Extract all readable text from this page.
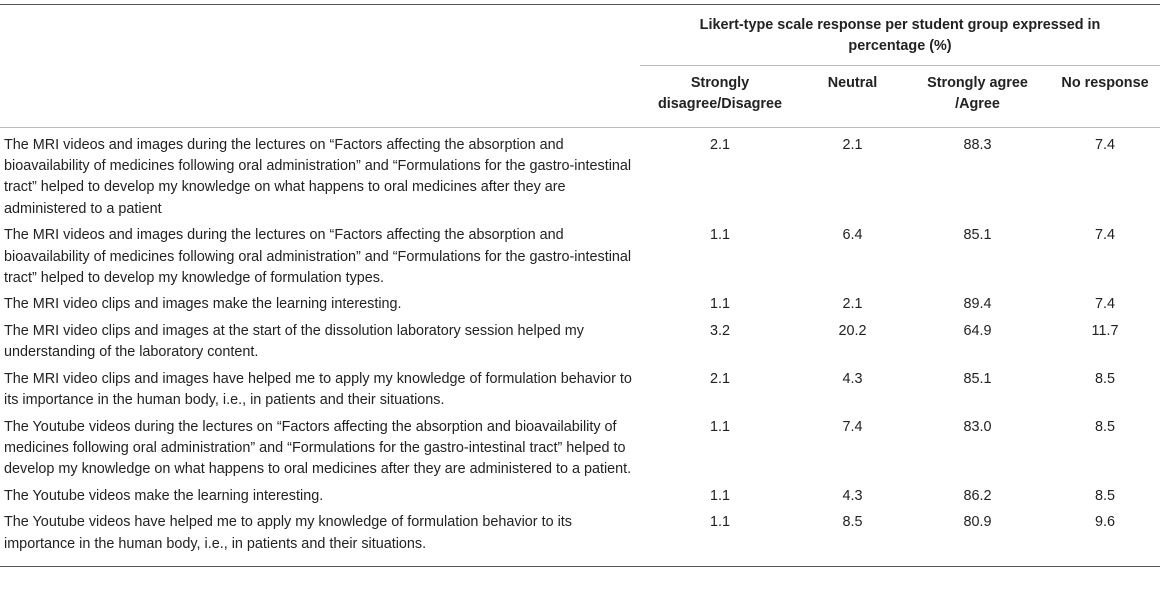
	Likert-type scale response per student group expressed in percentage (%)			
	Strongly disagree/Disagree	Neutral	Strongly agree /Agree	No response
The MRI videos and images during the lectures on “Factors affecting the absorption and bioavailability of medicines following oral administration” and “Formulations for the gastro-intestinal tract” helped to develop my knowledge on what happens to oral medicines after they are administered to a patient	2.1	2.1	88.3	7.4
The MRI videos and images during the lectures on “Factors affecting the absorption and bioavailability of medicines following oral administration” and “Formulations for the gastro-intestinal tract” helped to develop my knowledge of formulation types.	1.1	6.4	85.1	7.4
The MRI video clips and images make the learning interesting.	1.1	2.1	89.4	7.4
The MRI video clips and images at the start of the dissolution laboratory session helped my understanding of the laboratory content.	3.2	20.2	64.9	11.7
The MRI video clips and images have helped me to apply my knowledge of formulation behavior to its importance in the human body, i.e., in patients and their situations.	2.1	4.3	85.1	8.5
The Youtube videos during the lectures on “Factors affecting the absorption and bioavailability of medicines following oral administration” and “Formulations for the gastro-intestinal tract” helped to develop my knowledge on what happens to oral medicines after they are administered to a patient.	1.1	7.4	83.0	8.5
The Youtube videos make the learning interesting.	1.1	4.3	86.2	8.5
The Youtube videos have helped me to apply my knowledge of formulation behavior to its importance in the human body, i.e., in patients and their situations.	1.1	8.5	80.9	9.6
